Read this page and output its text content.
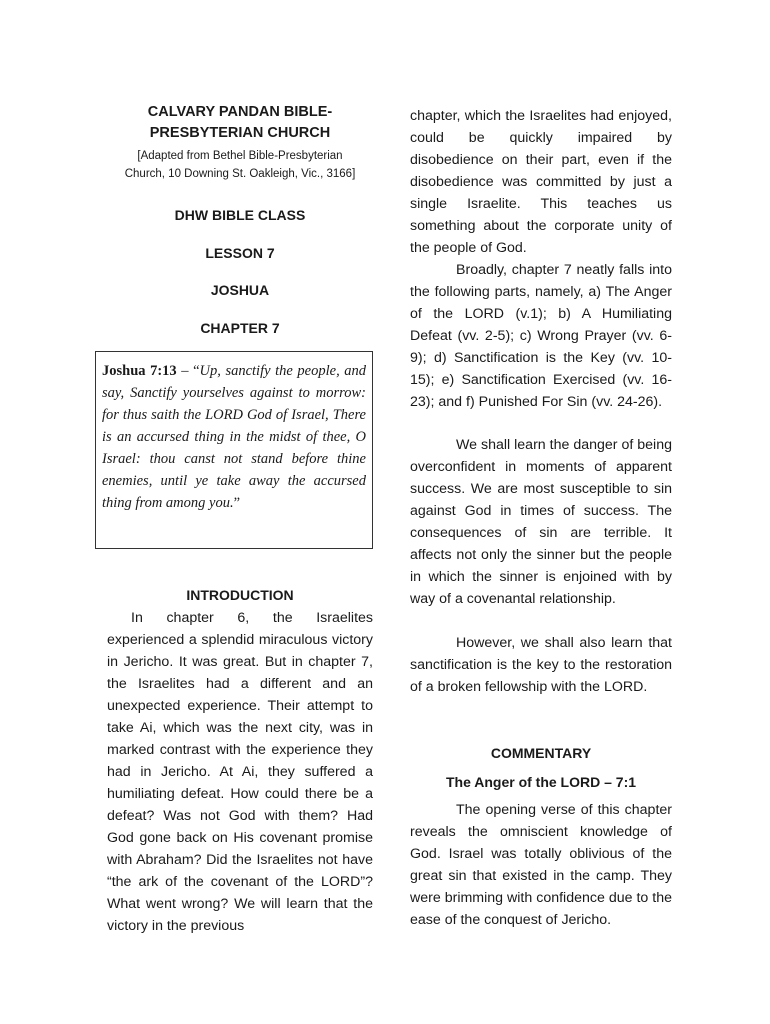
CALVARY PANDAN BIBLE-
PRESBYTERIAN CHURCH
[Adapted from Bethel Bible-Presbyterian
Church, 10 Downing St. Oakleigh, Vic., 3166]
DHW BIBLE CLASS
LESSON 7
JOSHUA
CHAPTER 7
Joshua 7:13 – “Up, sanctify the people, and say, Sanctify yourselves against to morrow: for thus saith the LORD God of Israel, There is an accursed thing in the midst of thee, O Israel: thou canst not stand before thine enemies, until ye take away the accursed thing from among you.”
INTRODUCTION
In chapter 6, the Israelites experienced a splendid miraculous victory in Jericho. It was great. But in chapter 7, the Israelites had a different and an unexpected experience. Their attempt to take Ai, which was the next city, was in marked contrast with the experience they had in Jericho. At Ai, they suffered a humiliating defeat. How could there be a defeat? Was not God with them? Had God gone back on His covenant promise with Abraham? Did the Israelites not have “the ark of the covenant of the LORD”? What went wrong? We will learn that the victory in the previous
chapter, which the Israelites had enjoyed, could be quickly impaired by disobedience on their part, even if the disobedience was committed by just a single Israelite. This teaches us something about the corporate unity of the people of God.
Broadly, chapter 7 neatly falls into the following parts, namely, a) The Anger of the LORD (v.1); b) A Humiliating Defeat (vv. 2-5); c) Wrong Prayer (vv. 6-9); d) Sanctification is the Key (vv. 10-15); e) Sanctification Exercised (vv. 16-23); and f) Punished For Sin (vv. 24-26).
We shall learn the danger of being overconfident in moments of apparent success. We are most susceptible to sin against God in times of success. The consequences of sin are terrible. It affects not only the sinner but the people in which the sinner is enjoined with by way of a covenantal relationship.
However, we shall also learn that sanctification is the key to the restoration of a broken fellowship with the LORD.
COMMENTARY
The Anger of the LORD – 7:1
The opening verse of this chapter reveals the omniscient knowledge of God. Israel was totally oblivious of the great sin that existed in the camp. They were brimming with confidence due to the ease of the conquest of Jericho.
